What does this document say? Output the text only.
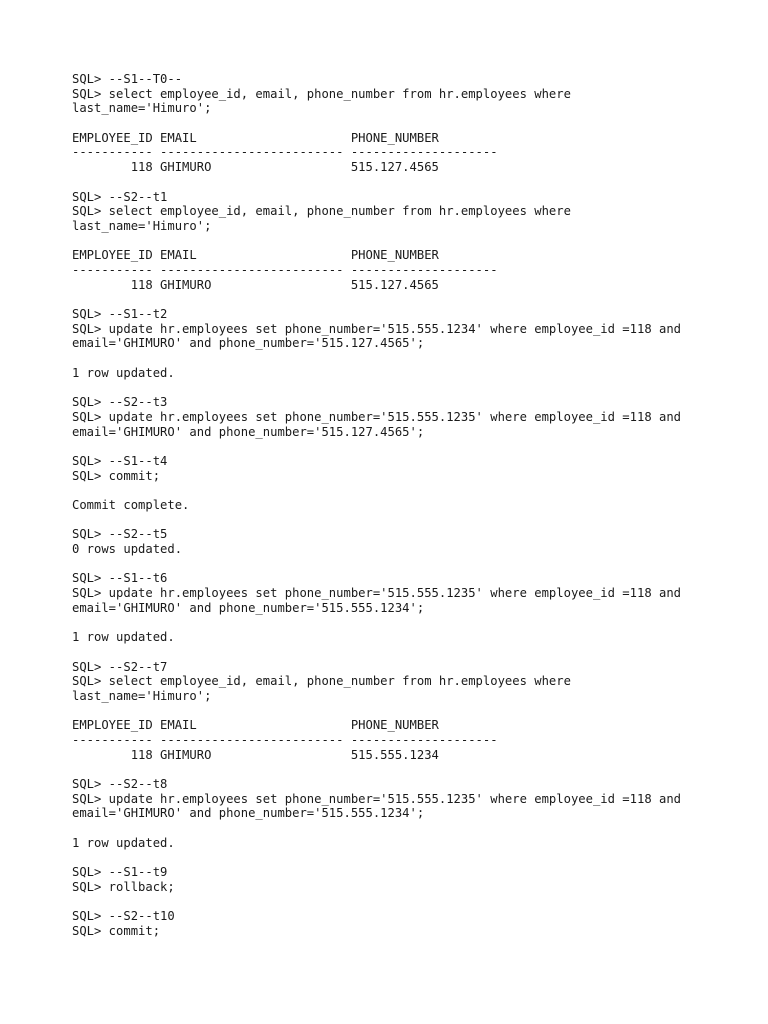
SQL> --S1--T0--
SQL> select employee_id, email, phone_number from hr.employees where
last_name='Himuro';
EMPLOYEE_ID EMAIL                     PHONE_NUMBER
----------- ------------------------- --------------------
118 GHIMURO                   515.127.4565
SQL> --S2--t1
SQL> select employee_id, email, phone_number from hr.employees where
last_name='Himuro';
EMPLOYEE_ID EMAIL                     PHONE_NUMBER
----------- ------------------------- --------------------
118 GHIMURO                   515.127.4565
SQL> --S1--t2
SQL> update hr.employees set phone_number='515.555.1234' where employee_id =118 and
email='GHIMURO' and phone_number='515.127.4565';
1 row updated.
SQL> --S2--t3
SQL> update hr.employees set phone_number='515.555.1235' where employee_id =118 and
email='GHIMURO' and phone_number='515.127.4565';
SQL> --S1--t4
SQL> commit;
Commit complete.
SQL> --S2--t5
0 rows updated.
SQL> --S1--t6
SQL> update hr.employees set phone_number='515.555.1235' where employee_id =118 and
email='GHIMURO' and phone_number='515.555.1234';
1 row updated.
SQL> --S2--t7
SQL> select employee_id, email, phone_number from hr.employees where
last_name='Himuro';
EMPLOYEE_ID EMAIL                     PHONE_NUMBER
----------- ------------------------- --------------------
118 GHIMURO                   515.555.1234
SQL> --S2--t8
SQL> update hr.employees set phone_number='515.555.1235' where employee_id =118 and
email='GHIMURO' and phone_number='515.555.1234';
1 row updated.
SQL> --S1--t9
SQL> rollback;
SQL> --S2--t10
SQL> commit;
